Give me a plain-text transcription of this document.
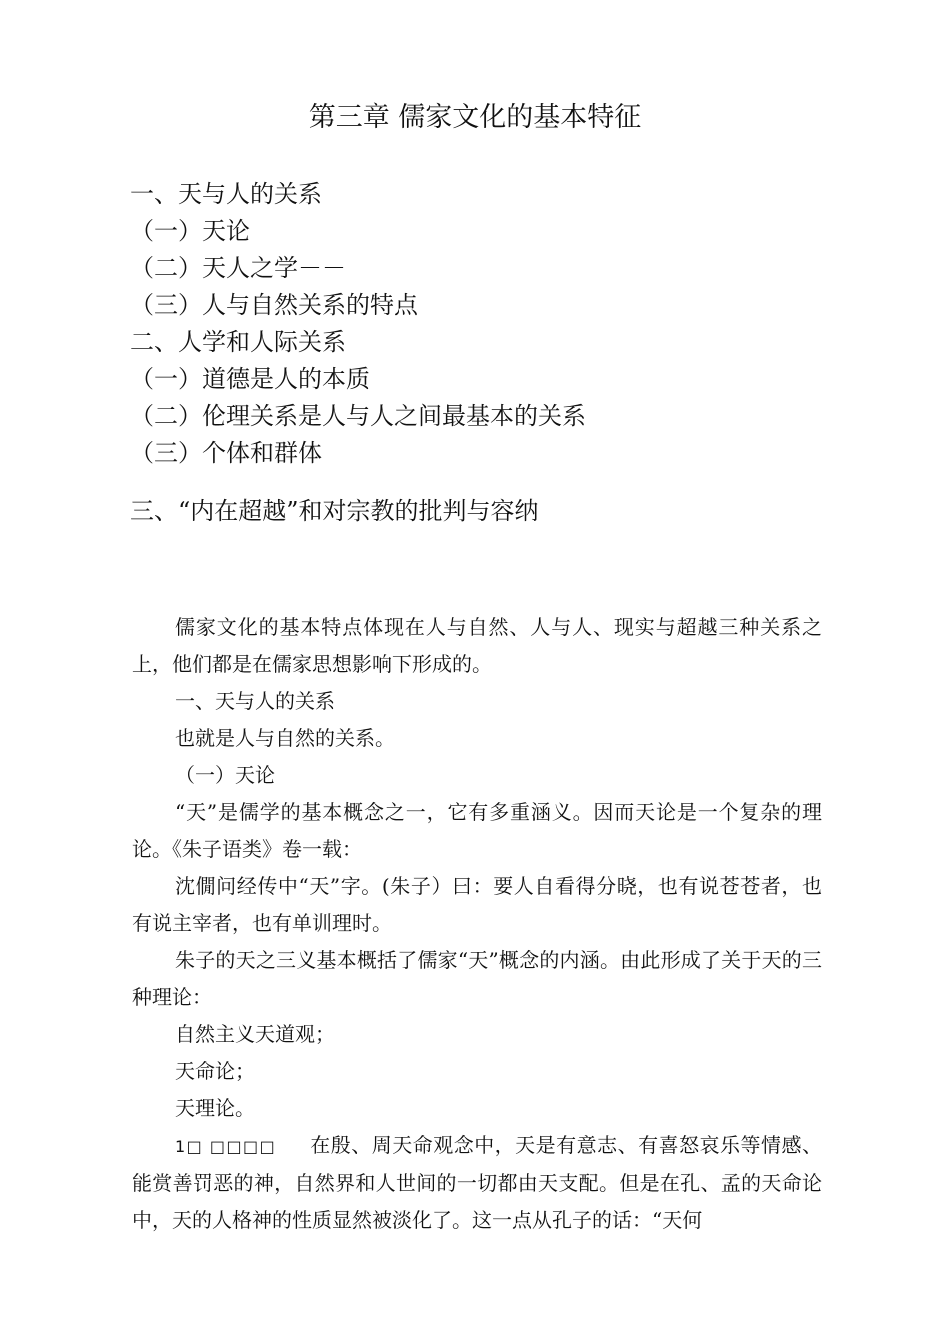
第三章 儒家文化的基本特征
一、天与人的关系
（一）天论
（二）天人之学－－
（三）人与自然关系的特点
二、人学和人际关系
（一）道德是人的本质
（二）伦理关系是人与人之间最基本的关系
（三）个体和群体
三、“内在超越”和对宗教的批判与容纳

儒家文化的基本特点体现在人与自然、人与人、现实与超越三种关系之上，他们都是在儒家思想影响下形成的。

一、天与人的关系

也就是人与自然的关系。

（一）天论

“天”是儒学的基本概念之一，它有多重涵义。因而天论是一个复杂的理论。《朱子语类》卷一载：

沈僩问经传中“天”字。(朱子）曰：要人自看得分晓，也有说苍苍者，也有说主宰者，也有单训理时。

朱子的天之三义基本概括了儒家“天”概念的内涵。由此形成了关于天的三种理论：

自然主义天道观；

天命论；

天理论。

1□ □□□□ 在殷、周天命观念中，天是有意志、有喜怒哀乐等情感、能赏善罚恶的神，自然界和人世间的一切都由天支配。但是在孔、孟的天命论中，天的人格神的性质显然被淡化了。这一点从孔子的话：“天何
